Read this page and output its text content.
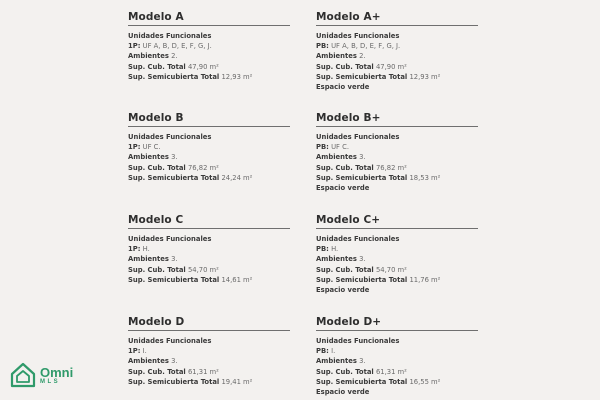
Modelo A
Unidades Funcionales
1P: UF A, B, D, E, F, G, J.
Ambientes 2.
Sup. Cub. Total 47,90 m²
Sup. Semicubierta Total 12,93 m²
Modelo A+
Unidades Funcionales
PB: UF A, B, D, E, F, G, J.
Ambientes 2.
Sup. Cub. Total 47,90 m²
Sup. Semicubierta Total 12,93 m²
Espacio verde
Modelo B
Unidades Funcionales
1P: UF C.
Ambientes 3.
Sup. Cub. Total 76,82 m²
Sup. Semicubierta Total 24,24 m²
Modelo B+
Unidades Funcionales
PB: UF C.
Ambientes 3.
Sup. Cub. Total 76,82 m²
Sup. Semicubierta Total 18,53 m²
Espacio verde
Modelo C
Unidades Funcionales
1P: H.
Ambientes 3.
Sup. Cub. Total 54,70 m²
Sup. Semicubierta Total 14,61 m²
Modelo C+
Unidades Funcionales
PB: H.
Ambientes 3.
Sup. Cub. Total 54,70 m²
Sup. Semicubierta Total 11,76 m²
Espacio verde
Modelo D
Unidades Funcionales
1P: I.
Ambientes 3.
Sup. Cub. Total 61,31 m²
Sup. Semicubierta Total 19,41 m²
Modelo D+
Unidades Funcionales
PB: I.
Ambientes 3.
Sup. Cub. Total 61,31 m²
Sup. Semicubierta Total 16,55 m²
Espacio verde
Omni
MLS
